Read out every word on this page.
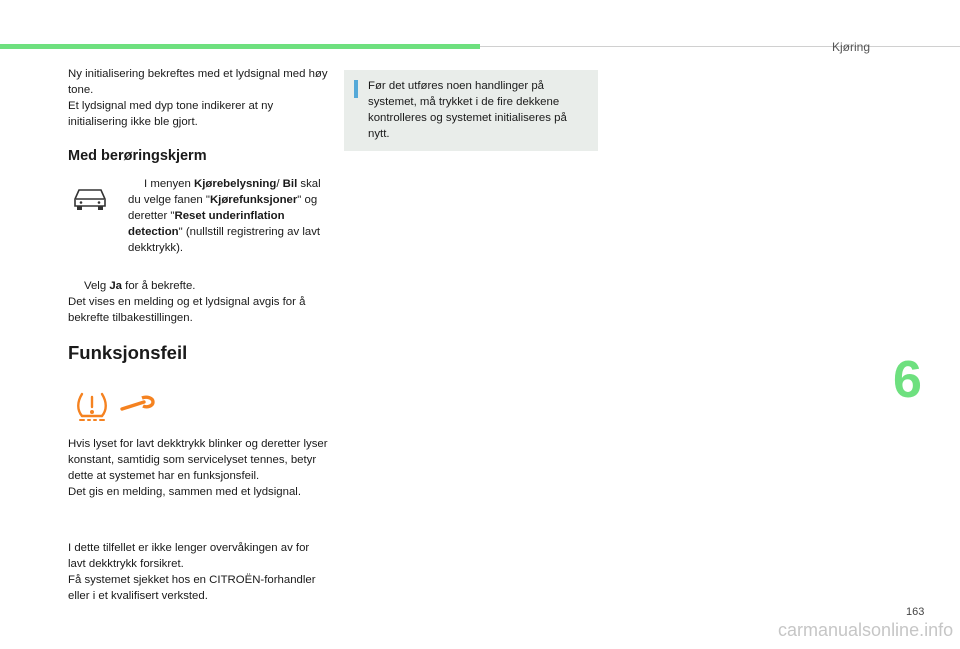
Kjøring

Ny initialisering bekreftes med et lydsignal med høy tone.

Et lydsignal med dyp tone indikerer at ny initialisering ikke ble gjort.

Med berøringskjerm
I menyen Kjørebelysning/ Bil skal du velge fanen "Kjørefunksjoner" og deretter "Reset underinflation detection" (nullstill registrering av lavt dekktrykk).

Velg Ja for å bekrefte.

Det vises en melding og et lydsignal avgis for å bekrefte tilbakestillingen.

Funksjonsfeil

Hvis lyset for lavt dekktrykk blinker og deretter lyser konstant, samtidig som servicelyset tennes, betyr dette at systemet har en funksjonsfeil.

Det gis en melding, sammen med et lydsignal.

I dette tilfellet er ikke lenger overvåkingen av for lavt dekktrykk forsikret.

Få systemet sjekket hos en CITROËN-forhandler eller i et kvalifisert verksted.

Før det utføres noen handlinger på systemet, må trykket i de fire dekkene kontrolleres og systemet initialiseres på nytt.
6
163
carmanualsonline.info
